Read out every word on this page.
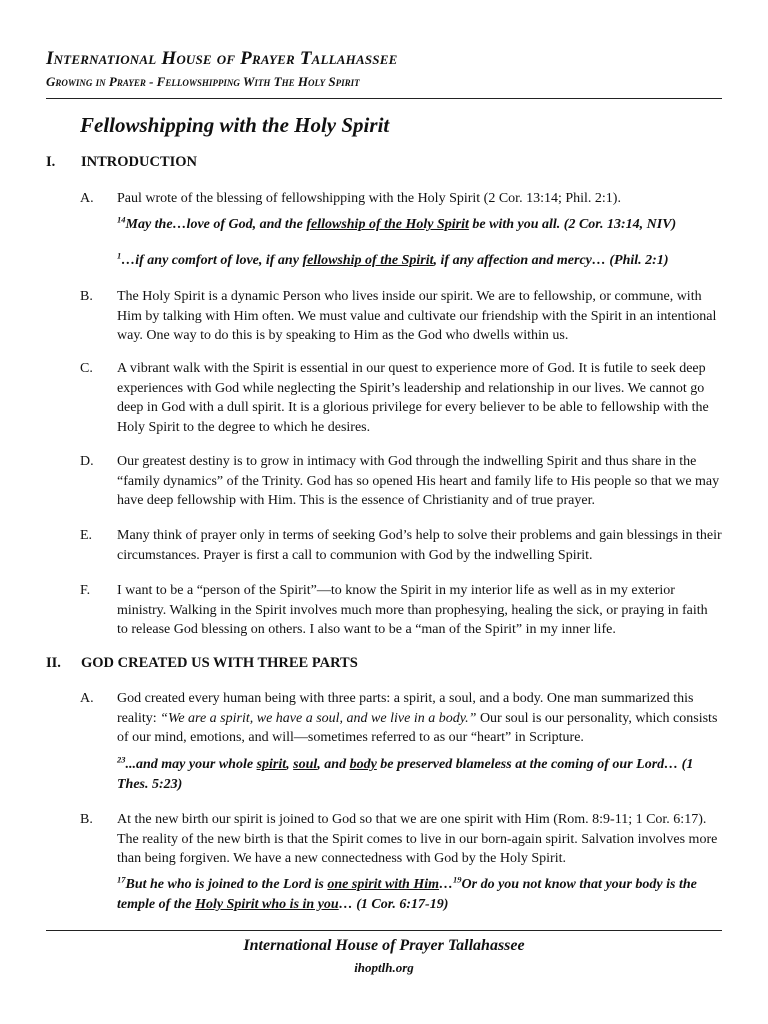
International House of Prayer Tallahassee
Growing in Prayer - Fellowshipping With The Holy Spirit
Fellowshipping with the Holy Spirit
I. INTRODUCTION
A. Paul wrote of the blessing of fellowshipping with the Holy Spirit (2 Cor. 13:14; Phil. 2:1).
$^{14}$May the…love of God, and the fellowship of the Holy Spirit be with you all. (2 Cor. 13:14, NIV)
$^1$…if any comfort of love, if any fellowship of the Spirit, if any affection and mercy… (Phil. 2:1)
B. The Holy Spirit is a dynamic Person who lives inside our spirit. We are to fellowship, or commune, with Him by talking with Him often. We must value and cultivate our friendship with the Spirit in an intentional way. One way to do this is by speaking to Him as the God who dwells within us.
C. A vibrant walk with the Spirit is essential in our quest to experience more of God. It is futile to seek deep experiences with God while neglecting the Spirit’s leadership and relationship in our lives. We cannot go deep in God with a dull spirit. It is a glorious privilege for every believer to be able to fellowship with the Holy Spirit to the degree to which he desires.
D. Our greatest destiny is to grow in intimacy with God through the indwelling Spirit and thus share in the “family dynamics” of the Trinity. God has so opened His heart and family life to His people so that we may have deep fellowship with Him. This is the essence of Christianity and of true prayer.
E. Many think of prayer only in terms of seeking God’s help to solve their problems and gain blessings in their circumstances. Prayer is first a call to communion with God by the indwelling Spirit.
F. I want to be a “person of the Spirit”—to know the Spirit in my interior life as well as in my exterior ministry. Walking in the Spirit involves much more than prophesying, healing the sick, or praying in faith to release God blessing on others. I also want to be a “man of the Spirit” in my inner life.
II. GOD CREATED US WITH THREE PARTS
A. God created every human being with three parts: a spirit, a soul, and a body. One man summarized this reality: “We are a spirit, we have a soul, and we live in a body.” Our soul is our personality, which consists of our mind, emotions, and will—sometimes referred to as our “heart” in Scripture.
$^{23}$...and may your whole spirit, soul, and body be preserved blameless at the coming of our Lord… (1 Thes. 5:23)
B. At the new birth our spirit is joined to God so that we are one spirit with Him (Rom. 8:9-11; 1 Cor. 6:17). The reality of the new birth is that the Spirit comes to live in our born-again spirit. Salvation involves more than being forgiven. We have a new connectedness with God by the Holy Spirit.
$^{17}$But he who is joined to the Lord is one spirit with Him…$^{19}$Or do you not know that your body is the temple of the Holy Spirit who is in you… (1 Cor. 6:17-19)
International House of Prayer Tallahassee
ihoptlh.org
